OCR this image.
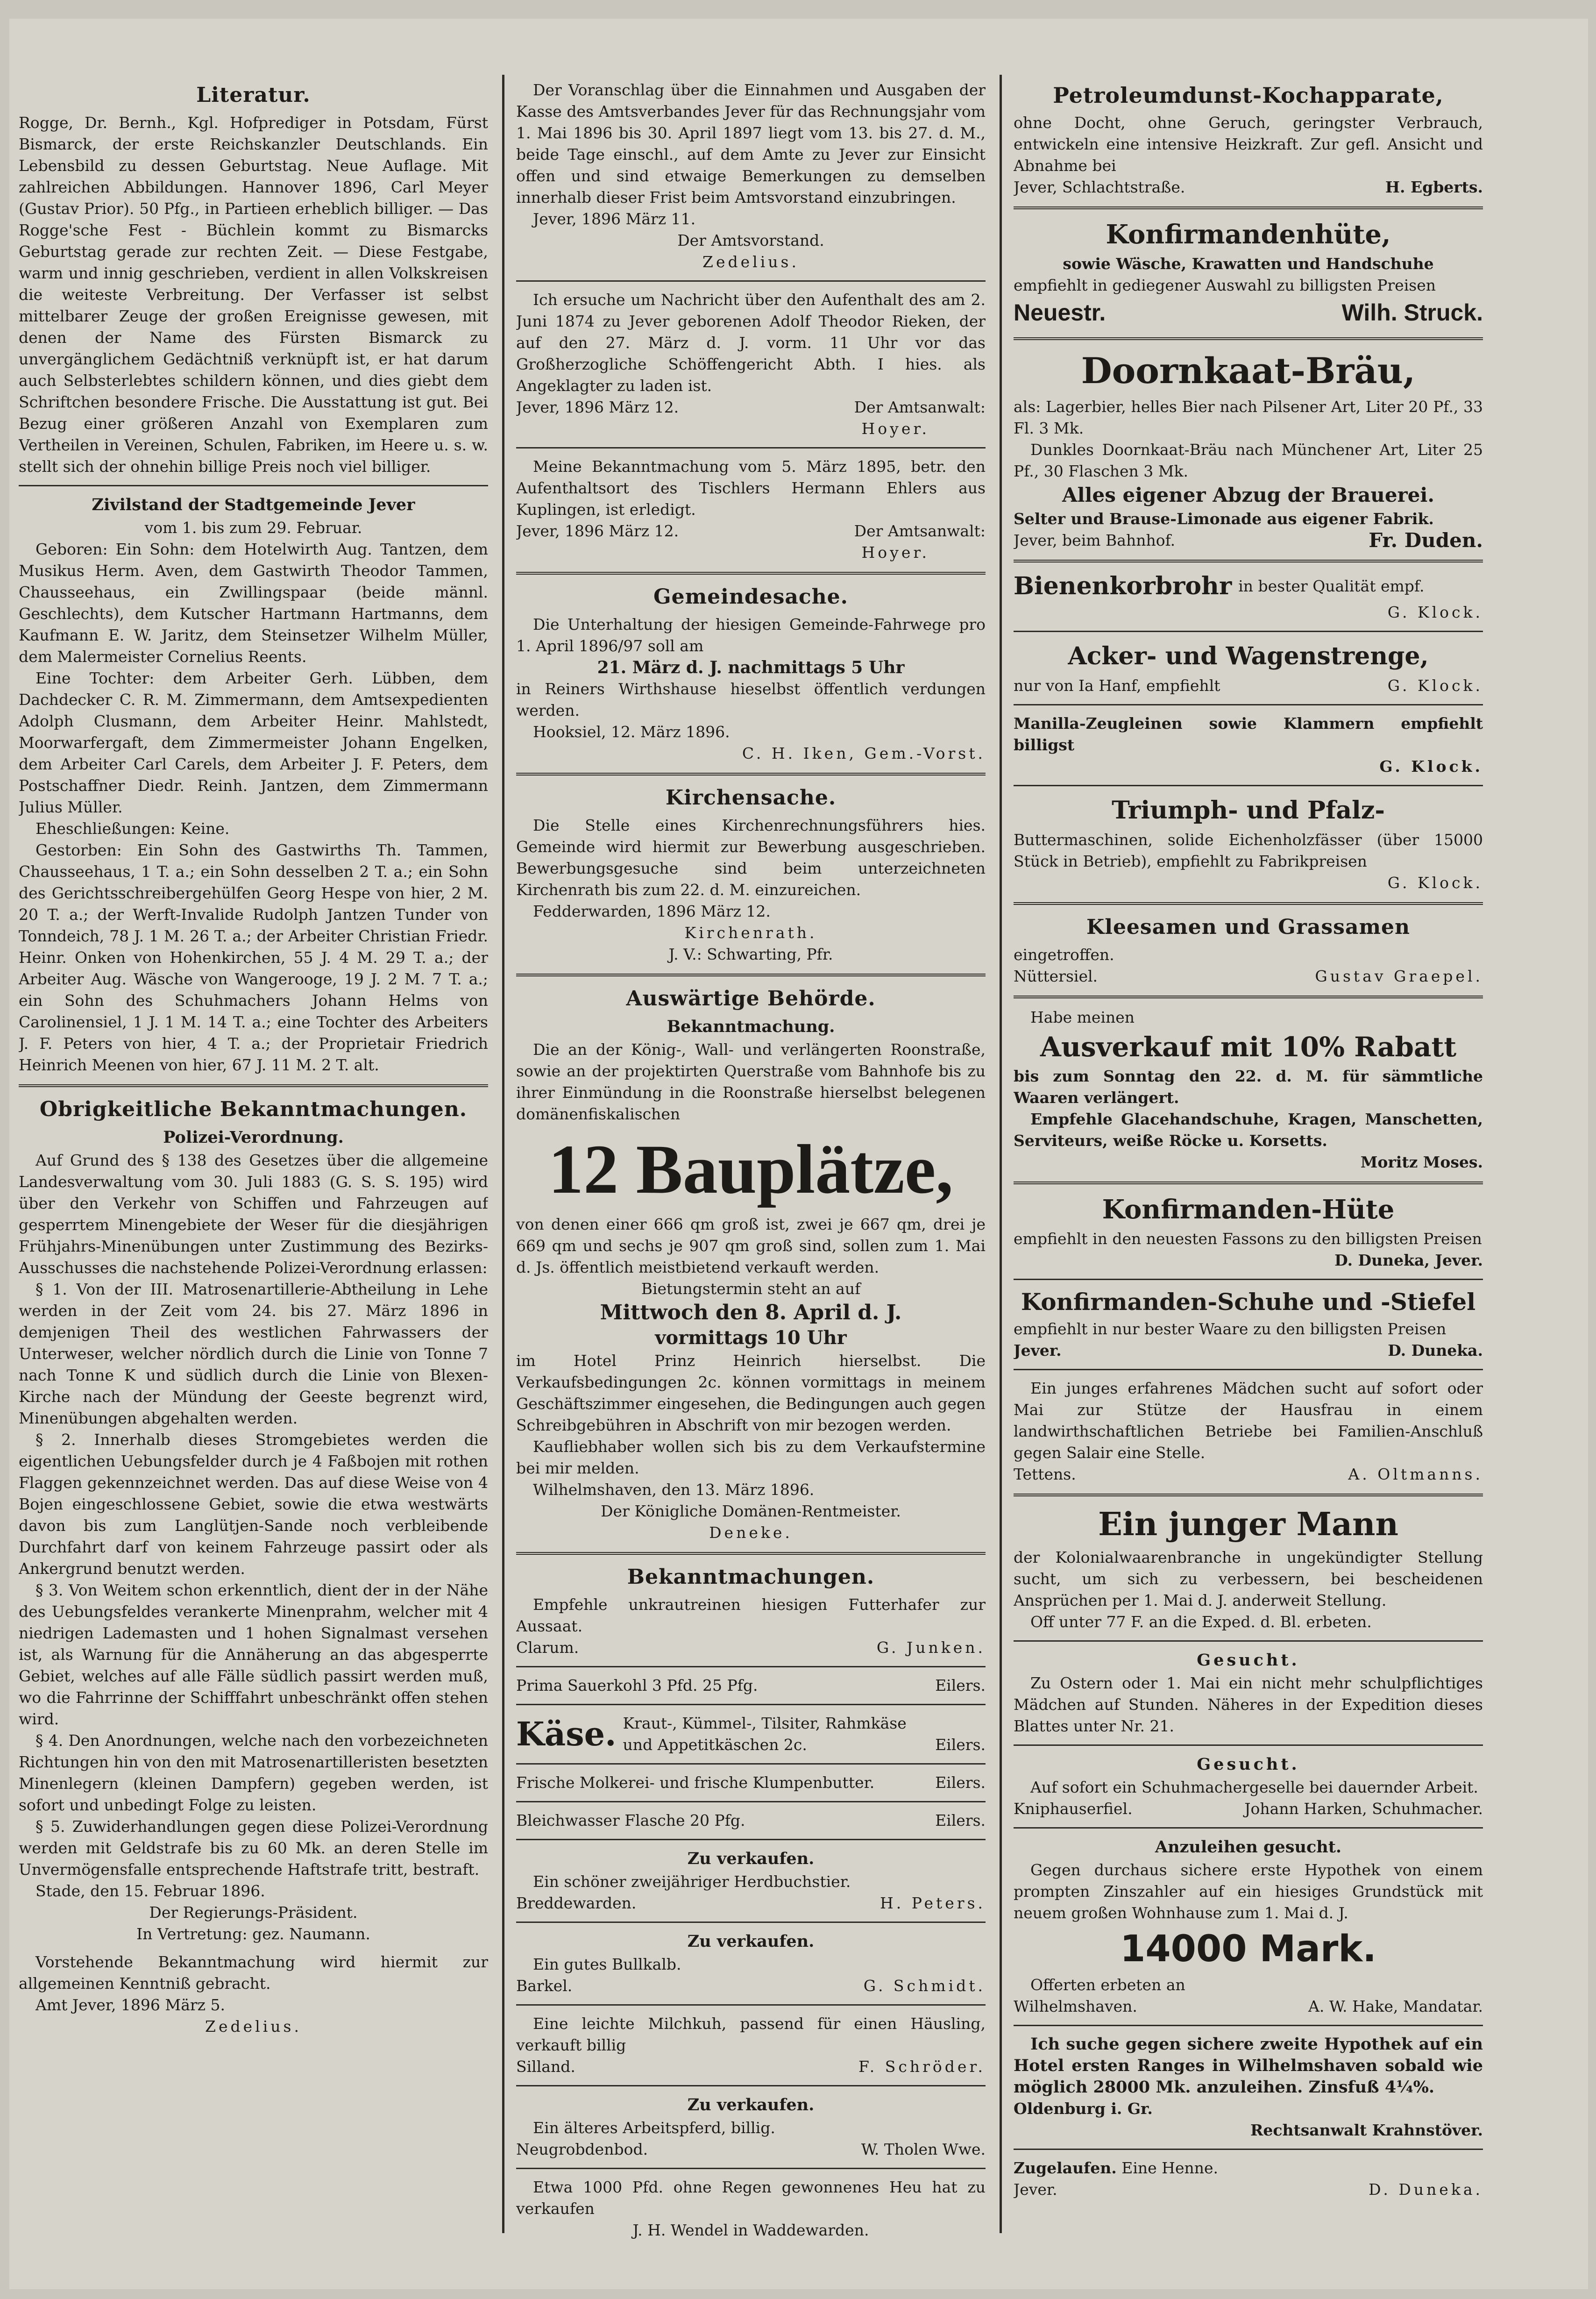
Literatur.

Rogge, Dr. Bernh., Kgl. Hofprediger in Potsdam, Fürst Bismarck, der erste Reichskanzler Deutschlands. Ein Lebensbild zu dessen Geburtstag. Neue Auflage. Mit zahlreichen Abbildungen. Hannover 1896, Carl Meyer (Gustav Prior). 50 Pfg., in Partieen erheblich billiger. — Das Rogge'sche Fest - Büchlein kommt zu Bismarcks Geburtstag gerade zur rechten Zeit. — Diese Festgabe, warm und innig geschrieben, verdient in allen Volkskreisen die weiteste Verbreitung. Der Verfasser ist selbst mittelbarer Zeuge der großen Ereignisse gewesen, mit denen der Name des Fürsten Bismarck zu unvergänglichem Gedächtniß verknüpft ist, er hat darum auch Selbsterlebtes schildern können, und dies giebt dem Schriftchen besondere Frische. Die Ausstattung ist gut. Bei Bezug einer größeren Anzahl von Exemplaren zum Vertheilen in Vereinen, Schulen, Fabriken, im Heere u. s. w. stellt sich der ohnehin billige Preis noch viel billiger.

Zivilstand der Stadtgemeinde Jever
vom 1. bis zum 29. Februar.

Geboren: Ein Sohn: dem Hotelwirth Aug. Tantzen, dem Musikus Herm. Aven, dem Gastwirth Theodor Tammen, Chausseehaus, ein Zwillingspaar (beide männl. Geschlechts), dem Kutscher Hartmann Hartmanns, dem Kaufmann E. W. Jaritz, dem Steinsetzer Wilhelm Müller, dem Malermeister Cornelius Reents.

Eine Tochter: dem Arbeiter Gerh. Lübben, dem Dachdecker C. R. M. Zimmermann, dem Amtsexpedienten Adolph Clusmann, dem Arbeiter Heinr. Mahlstedt, Moorwarfergaft, dem Zimmermeister Johann Engelken, dem Arbeiter Carl Carels, dem Arbeiter J. F. Peters, dem Postschaffner Diedr. Reinh. Jantzen, dem Zimmermann Julius Müller.

Eheschließungen: Keine.

Gestorben: Ein Sohn des Gastwirths Th. Tammen, Chausseehaus, 1 T. a.; ein Sohn desselben 2 T. a.; ein Sohn des Gerichtsschreibergehülfen Georg Hespe von hier, 2 M. 20 T. a.; der Werft-Invalide Rudolph Jantzen Tunder von Tonndeich, 78 J. 1 M. 26 T. a.; der Arbeiter Christian Friedr. Heinr. Onken von Hohenkirchen, 55 J. 4 M. 29 T. a.; der Arbeiter Aug. Wäsche von Wangerooge, 19 J. 2 M. 7 T. a.; ein Sohn des Schuhmachers Johann Helms von Carolinensiel, 1 J. 1 M. 14 T. a.; eine Tochter des Arbeiters J. F. Peters von hier, 4 T. a.; der Proprietair Friedrich Heinrich Meenen von hier, 67 J. 11 M. 2 T. alt.

Obrigkeitliche Bekanntmachungen.
Polizei-Verordnung.

Auf Grund des § 138 des Gesetzes über die allgemeine Landesverwaltung vom 30. Juli 1883 (G. S. S. 195) wird über den Verkehr von Schiffen und Fahrzeugen auf gesperrtem Minengebiete der Weser für die diesjährigen Frühjahrs-Minenübungen unter Zustimmung des Bezirks-Ausschusses die nachstehende Polizei-Verordnung erlassen:

§ 1. Von der III. Matrosenartillerie-Abtheilung in Lehe werden in der Zeit vom 24. bis 27. März 1896 in demjenigen Theil des westlichen Fahrwassers der Unterweser, welcher nördlich durch die Linie von Tonne 7 nach Tonne K und südlich durch die Linie von Blexen-Kirche nach der Mündung der Geeste begrenzt wird, Minenübungen abgehalten werden.

§ 2. Innerhalb dieses Stromgebietes werden die eigentlichen Uebungsfelder durch je 4 Faßbojen mit rothen Flaggen gekennzeichnet werden. Das auf diese Weise von 4 Bojen eingeschlossene Gebiet, sowie die etwa westwärts davon bis zum Langlütjen-Sande noch verbleibende Durchfahrt darf von keinem Fahrzeuge passirt oder als Ankergrund benutzt werden.

§ 3. Von Weitem schon erkenntlich, dient der in der Nähe des Uebungsfeldes verankerte Minenprahm, welcher mit 4 niedrigen Lademasten und 1 hohen Signalmast versehen ist, als Warnung für die Annäherung an das abgesperrte Gebiet, welches auf alle Fälle südlich passirt werden muß, wo die Fahrrinne der Schifffahrt unbeschränkt offen stehen wird.

§ 4. Den Anordnungen, welche nach den vorbezeichneten Richtungen hin von den mit Matrosenartilleristen besetzten Minenlegern (kleinen Dampfern) gegeben werden, ist sofort und unbedingt Folge zu leisten.

§ 5. Zuwiderhandlungen gegen diese Polizei-Verordnung werden mit Geldstrafe bis zu 60 Mk. an deren Stelle im Unvermögensfalle entsprechende Haftstrafe tritt, bestraft.

Stade, den 15. Februar 1896.

Der Regierungs-Präsident.
In Vertretung: gez. Naumann.

Vorstehende Bekanntmachung wird hiermit zur allgemeinen Kenntniß gebracht.

Amt Jever, 1896 März 5.

Zedelius.

Der Voranschlag über die Einnahmen und Ausgaben der Kasse des Amtsverbandes Jever für das Rechnungsjahr vom 1. Mai 1896 bis 30. April 1897 liegt vom 13. bis 27. d. M., beide Tage einschl., auf dem Amte zu Jever zur Einsicht offen und sind etwaige Bemerkungen zu demselben innerhalb dieser Frist beim Amtsvorstand einzubringen.

Jever, 1896 März 11.

Der Amtsvorstand.
Zedelius.

Ich ersuche um Nachricht über den Aufenthalt des am 2. Juni 1874 zu Jever geborenen Adolf Theodor Rieken, der auf den 27. März d. J. vorm. 11 Uhr vor das Großherzogliche Schöffengericht Abth. I hies. als Angeklagter zu laden ist.

Jever, 1896 März 12.	Der Amtsanwalt:
Hoyer.

Meine Bekanntmachung vom 5. März 1895, betr. den Aufenthaltsort des Tischlers Hermann Ehlers aus Kuplingen, ist erledigt.

Jever, 1896 März 12.	Der Amtsanwalt:
Hoyer.
Gemeindesache.

Die Unterhaltung der hiesigen Gemeinde-Fahrwege pro 1. April 1896/97 soll am

21. März d. J. nachmittags 5 Uhr

in Reiners Wirthshause hieselbst öffentlich verdungen werden.

Hooksiel, 12. März 1896.

C. H. Iken, Gem.-Vorst.
Kirchensache.

Die Stelle eines Kirchenrechnungsführers hies. Gemeinde wird hiermit zur Bewerbung ausgeschrieben. Bewerbungsgesuche sind beim unterzeichneten Kirchenrath bis zum 22. d. M. einzureichen.

Fedderwarden, 1896 März 12.

Kirchenrath.
J. V.: Schwarting, Pfr.
Auswärtige Behörde.
Bekanntmachung.

Die an der König-, Wall- und verlängerten Roonstraße, sowie an der projektirten Querstraße vom Bahnhofe bis zu ihrer Einmündung in die Roonstraße hierselbst belegenen domänenfiskalischen

12 Bauplätze,

von denen einer 666 qm groß ist, zwei je 667 qm, drei je 669 qm und sechs je 907 qm groß sind, sollen zum 1. Mai d. Js. öffentlich meistbietend verkauft werden.

Bietungstermin steht an auf
Mittwoch den 8. April d. J.
vormittags 10 Uhr

im Hotel Prinz Heinrich hierselbst. Die Verkaufsbedingungen 2c. können vormittags in meinem Geschäftszimmer eingesehen, die Bedingungen auch gegen Schreibgebühren in Abschrift von mir bezogen werden.

Kaufliebhaber wollen sich bis zu dem Verkaufstermine bei mir melden.

Wilhelmshaven, den 13. März 1896.

Der Königliche Domänen-Rentmeister.
Deneke.
Bekanntmachungen.

Empfehle unkrautreinen hiesigen Futterhafer zur Aussaat.

Clarum.	G. Junken.
Prima Sauerkohl 3 Pfd. 25 Pfg.	Eilers.
Käse. Kraut-, Kümmel-, Tilsiter, Rahmkäse und Appetitkäschen 2c.	Eilers.
Frische Molkerei- und frische Klumpenbutter.	Eilers.
Bleichwasser Flasche 20 Pfg.	Eilers.
Zu verkaufen.

Ein schöner zweijähriger Herdbuchstier.

Breddewarden.	H. Peters.
Zu verkaufen.

Ein gutes Bullkalb.

Barkel.	G. Schmidt.

Eine leichte Milchkuh, passend für einen Häusling, verkauft billig

Silland.	F. Schröder.
Zu verkaufen.

Ein älteres Arbeitspferd, billig.

Neugrobdenbod.	W. Tholen Wwe.

Etwa 1000 Pfd. ohne Regen gewonnenes Heu hat zu verkaufen

J. H. Wendel in Waddewarden.
Petroleumdunst-Kochapparate,

ohne Docht, ohne Geruch, geringster Verbrauch, entwickeln eine intensive Heizkraft. Zur gefl. Ansicht und Abnahme bei

Jever, Schlachtstraße.	H. Egberts.
Konfirmandenhüte,
sowie Wäsche, Krawatten und Handschuhe

empfiehlt in gediegener Auswahl zu billigsten Preisen

Neuestr.	Wilh. Struck.
Doornkaat-Bräu,

als: Lagerbier, helles Bier nach Pilsener Art, Liter 20 Pf., 33 Fl. 3 Mk.

Dunkles Doornkaat-Bräu nach Münchener Art, Liter 25 Pf., 30 Flaschen 3 Mk.

Alles eigener Abzug der Brauerei.

Selter und Brause-Limonade aus eigener Fabrik.

Jever, beim Bahnhof.	Fr. Duden.
Bienenkorbrohr in bester Qualität empf.
G. Klock.
Acker- und Wagenstrenge,
nur von Ia Hanf, empfiehlt	G. Klock.

Manilla-Zeugleinen sowie Klammern empfiehlt billigst

G. Klock.
Triumph- und Pfalz-

Buttermaschinen, solide Eichenholzfässer (über 15000 Stück in Betrieb), empfiehlt zu Fabrikpreisen

G. Klock.
Kleesamen und Grassamen

eingetroffen.

Nüttersiel.	Gustav Graepel.

Habe meinen

Ausverkauf mit 10% Rabatt

bis zum Sonntag den 22. d. M. für sämmtliche Waaren verlängert.

Empfehle Glacehandschuhe, Kragen, Manschetten, Serviteurs, weiße Röcke u. Korsetts.

Moritz Moses.
Konfirmanden-Hüte

empfiehlt in den neuesten Fassons zu den billigsten Preisen

D. Duneka, Jever.
Konfirmanden-Schuhe und -Stiefel

empfiehlt in nur bester Waare zu den billigsten Preisen

Jever.	D. Duneka.

Ein junges erfahrenes Mädchen sucht auf sofort oder Mai zur Stütze der Hausfrau in einem landwirthschaftlichen Betriebe bei Familien-Anschluß gegen Salair eine Stelle.

Tettens.	A. Oltmanns.
Ein junger Mann

der Kolonialwaarenbranche in ungekündigter Stellung sucht, um sich zu verbessern, bei bescheidenen Ansprüchen per 1. Mai d. J. anderweit Stellung.

Off unter 77 F. an die Exped. d. Bl. erbeten.

Gesucht.

Zu Ostern oder 1. Mai ein nicht mehr schulpflichtiges Mädchen auf Stunden. Näheres in der Expedition dieses Blattes unter Nr. 21.

Gesucht.

Auf sofort ein Schuhmachergeselle bei dauernder Arbeit.

Kniphauserfiel.	Johann Harken, Schuhmacher.
Anzuleihen gesucht.

Gegen durchaus sichere erste Hypothek von einem prompten Zinszahler auf ein hiesiges Grundstück mit neuem großen Wohnhause zum 1. Mai d. J.

14000 Mark.

Offerten erbeten an

Wilhelmshaven.	A. W. Hake, Mandatar.

Ich suche gegen sichere zweite Hypothek auf ein Hotel ersten Ranges in Wilhelmshaven sobald wie möglich 28000 Mk. anzuleihen. Zinsfuß 4¼%.

Oldenburg i. Gr.

Rechtsanwalt Krahnstöver.
Zugelaufen. Eine Henne.
Jever.	D. Duneka.
